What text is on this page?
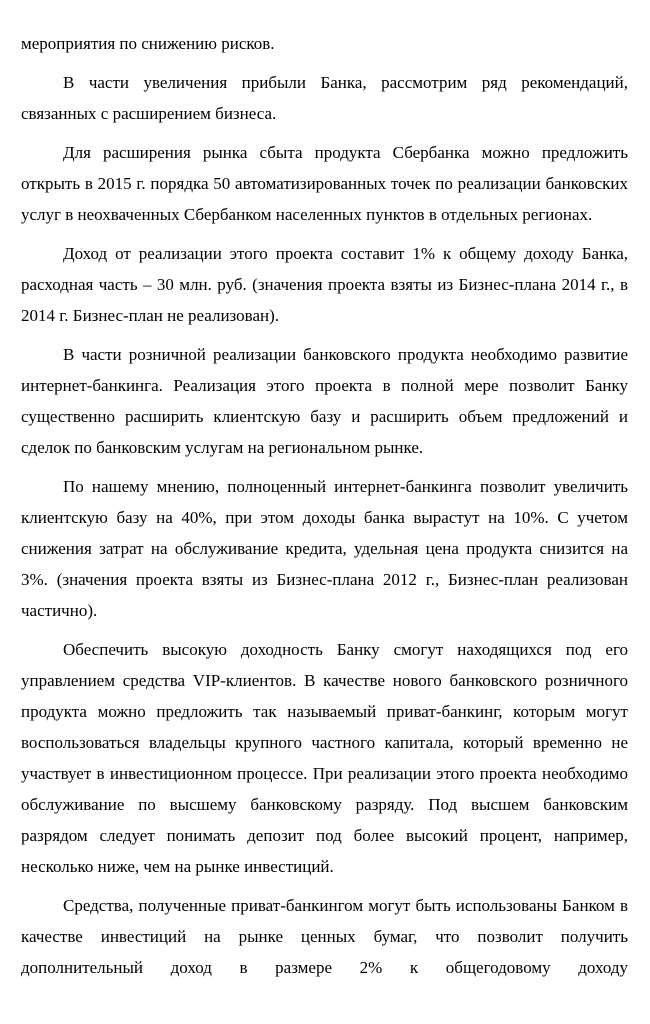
мероприятия по снижению рисков.

В части увеличения прибыли Банка, рассмотрим ряд рекомендаций, связанных с расширением бизнеса.

Для расширения рынка сбыта продукта Сбербанка можно предложить открыть в 2015 г. порядка 50 автоматизированных точек по реализации банковских услуг в неохваченных Сбербанком населенных пунктов в отдельных регионах.

Доход от реализации этого проекта составит 1% к общему доходу Банка, расходная часть – 30 млн. руб. (значения проекта взяты из Бизнес-плана 2014 г., в 2014 г. Бизнес-план не реализован).

В части розничной реализации банковского продукта необходимо развитие интернет-банкинга. Реализация этого проекта в полной мере позволит Банку существенно расширить клиентскую базу и расширить объем предложений и сделок по банковским услугам на региональном рынке.

По нашему мнению, полноценный интернет-банкинга позволит увеличить клиентскую базу на 40%, при этом доходы банка вырастут на 10%. С учетом снижения затрат на обслуживание кредита, удельная цена продукта снизится на 3%. (значения проекта взяты из Бизнес-плана 2012 г., Бизнес-план реализован частично).

Обеспечить высокую доходность Банку смогут находящихся под его управлением средства VIP-клиентов. В качестве нового банковского розничного продукта можно предложить так называемый приват-банкинг, которым могут воспользоваться владельцы крупного частного капитала, который временно не участвует в инвестиционном процессе. При реализации этого проекта необходимо обслуживание по высшему банковскому разряду. Под высшем банковским разрядом следует понимать депозит под более высокий процент, например, несколько ниже, чем на рынке инвестиций.

Средства, полученные приват-банкингом могут быть использованы Банком в качестве инвестиций на рынке ценных бумаг, что позволит получить дополнительный доход в размере 2% к общегодовому доходу
